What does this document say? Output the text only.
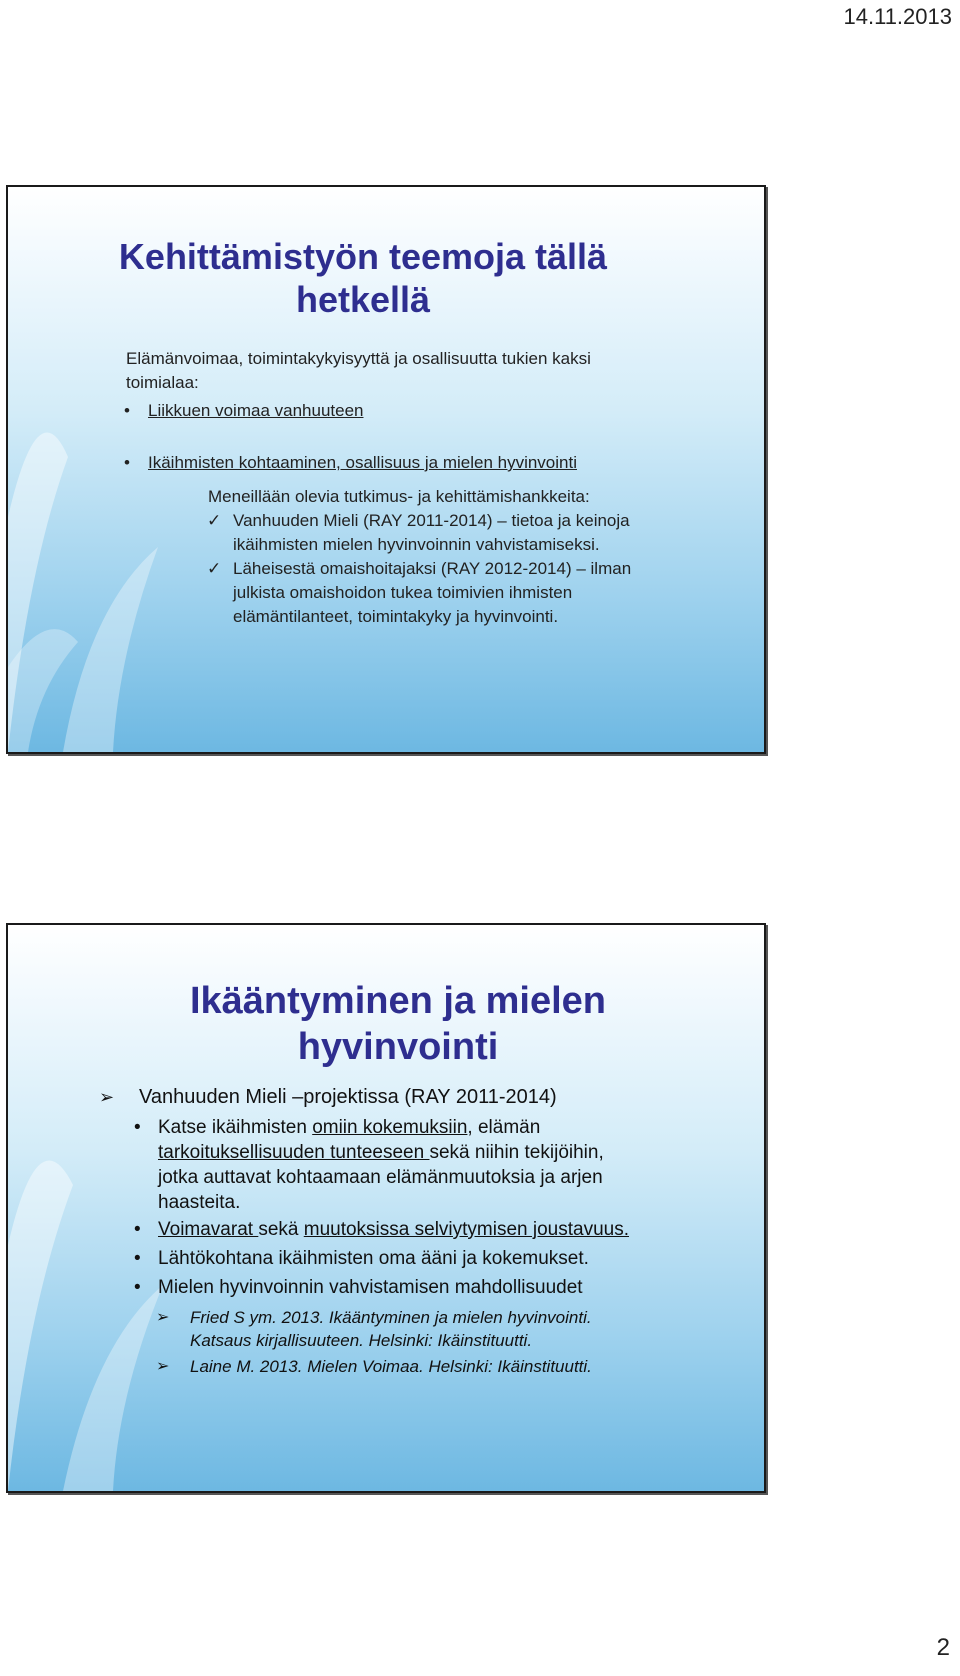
14.11.2013
Kehittämistyön teemoja tällä
hetkellä
Elämänvoimaa, toimintakykyisyyttä ja osallisuutta tukien kaksi
toimialaa:
• Liikkuen voimaa vanhuuteen
• Ikäihmisten kohtaaminen, osallisuus ja mielen hyvinvointi
Meneillään olevia tutkimus- ja kehittämishankkeita:
✓ Vanhuuden Mieli (RAY 2011-2014) – tietoa ja keinoja
ikäihmisten mielen hyvinvoinnin vahvistamiseksi.
✓ Läheisestä omaishoitajaksi (RAY 2012-2014) – ilman
julkista omaishoidon tukea toimivien ihmisten
elämäntilanteet, toimintakyky ja hyvinvointi.
Ikääntyminen ja mielen
hyvinvointi
➢ Vanhuuden Mieli –projektissa (RAY 2011-2014)
• Katse ikäihmisten omiin kokemuksiin, elämän
tarkoituksellisuuden tunteeseen sekä niihin tekijöihin,
jotka auttavat kohtaamaan elämänmuutoksia ja arjen
haasteita.
• Voimavarat sekä muutoksissa selviytymisen joustavuus.
• Lähtökohtana ikäihmisten oma ääni ja kokemukset.
• Mielen hyvinvoinnin vahvistamisen mahdollisuudet
➢ Fried S ym. 2013. Ikääntyminen ja mielen hyvinvointi.
Katsaus kirjallisuuteen. Helsinki: Ikäinstituutti.
➢ Laine M. 2013. Mielen Voimaa. Helsinki: Ikäinstituutti.
2
